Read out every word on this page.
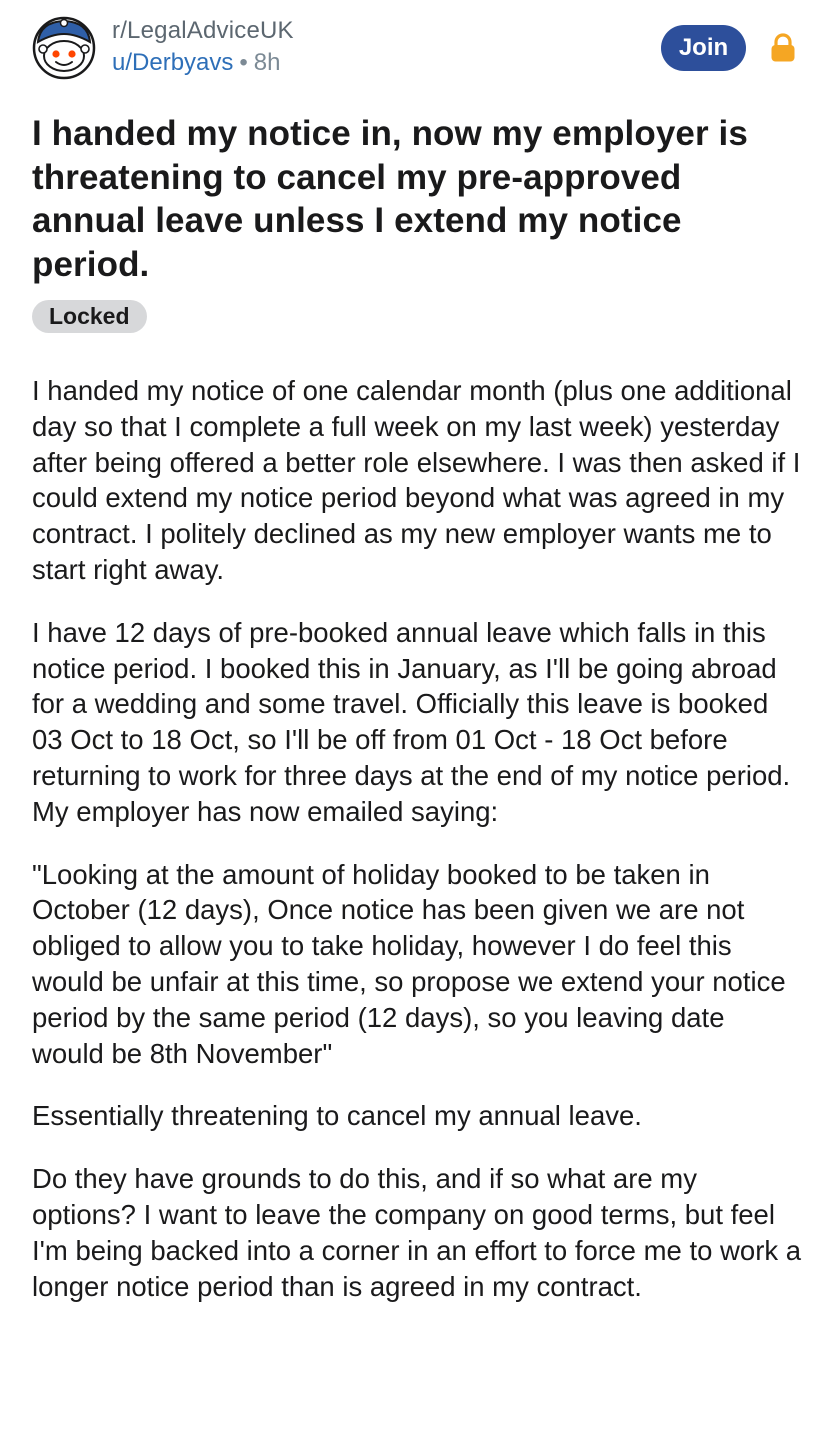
r/LegalAdviceUK
u/Derbyavs • 8h
Join
I handed my notice in, now my employer is threatening to cancel my pre-approved annual leave unless I extend my notice period.
Locked

I handed my notice of one calendar month (plus one additional day so that I complete a full week on my last week) yesterday after being offered a better role elsewhere. I was then asked if I could extend my notice period beyond what was agreed in my contract. I politely declined as my new employer wants me to start right away.

I have 12 days of pre-booked annual leave which falls in this notice period. I booked this in January, as I'll be going abroad for a wedding and some travel. Officially this leave is booked 03 Oct to 18 Oct, so I'll be off from 01 Oct - 18 Oct before returning to work for three days at the end of my notice period. My employer has now emailed saying:

"Looking at the amount of holiday booked to be taken in October (12 days), Once notice has been given we are not obliged to allow you to take holiday, however I do feel this would be unfair at this time, so propose we extend your notice period by the same period (12 days), so you leaving date would be 8th November"

Essentially threatening to cancel my annual leave.

Do they have grounds to do this, and if so what are my options? I want to leave the company on good terms, but feel I'm being backed into a corner in an effort to force me to work a longer notice period than is agreed in my contract.
